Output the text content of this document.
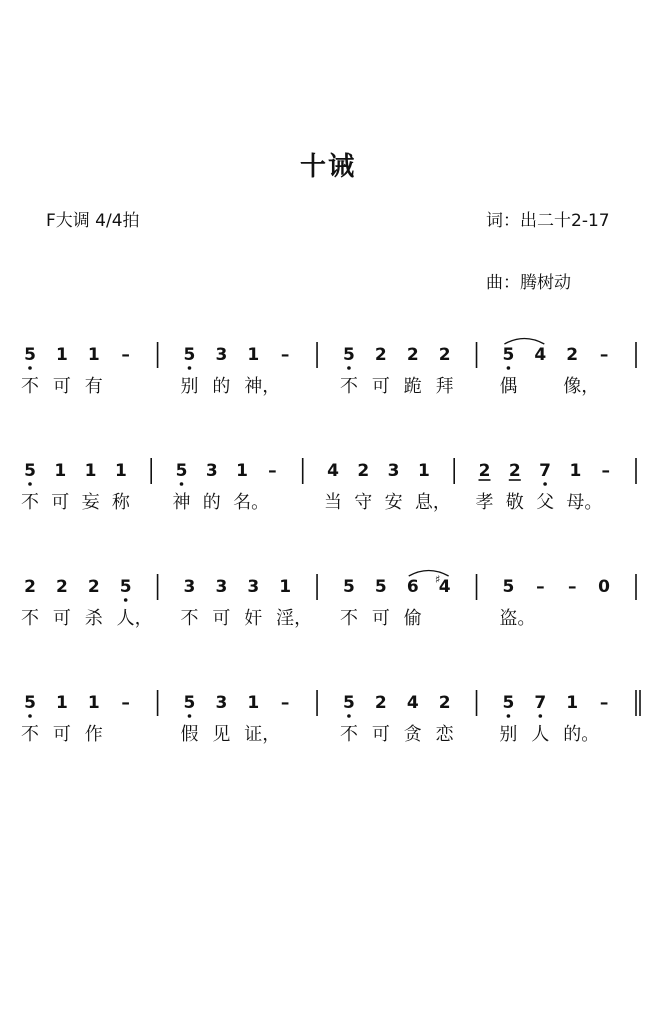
十诫
F大调 4/4拍	词：出二十2-17
曲：腾树动
5 1 1 –	5 3 1 –	5 2 2 2	5 4 2 –
不 可 有	别 的 神，	不 可 跪 拜	偶	像，
5 1 1 1	5 3 1 –	4 2 3 1	2 2 7 1 –
不 可 妄 称 神 的 名。	当 守 安 息， 孝 敬 父 母。
2 2 2 5	3 3 3 1	5 5 6 4
♯	5 – – 0
不 可 杀 人， 不 可 奸 淫， 不 可 偷	盗。
5 1 1 –	5 3 1 –	5 2 4 2	5 7 1 –
不 可 作	假 见 证，	不 可 贪 恋	别 人 的。
